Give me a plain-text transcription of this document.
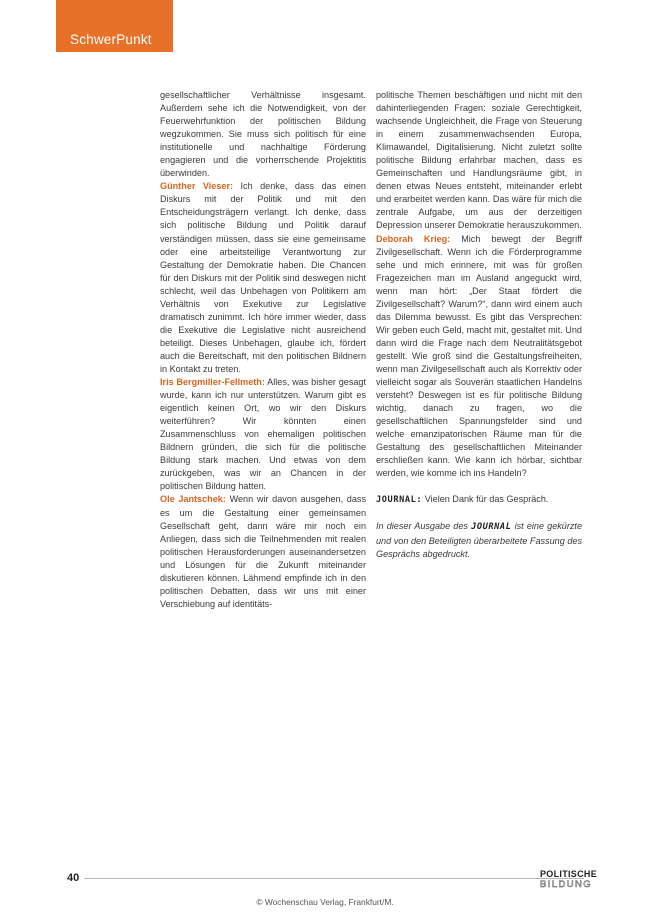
SchwerPunkt

gesellschaftlicher Verhältnisse insgesamt. Außerdem sehe ich die Notwendigkeit, von der Feuerwehrfunktion der politischen Bildung wegzukommen. Sie muss sich politisch für eine institutionelle und nachhaltige Förderung engagieren und die vorherrschende Projektitis überwinden.

Günther Vieser: Ich denke, dass das einen Diskurs mit der Politik und mit den Entscheidungsträgern verlangt. Ich denke, dass sich politische Bildung und Politik darauf verständigen müssen, dass sie eine gemeinsame oder eine arbeitsteilige Verantwortung zur Gestaltung der Demokratie haben. Die Chancen für den Diskurs mit der Politik sind deswegen nicht schlecht, weil das Unbehagen von Politikern am Verhältnis von Exekutive zur Legislative dramatisch zunimmt. Ich höre immer wieder, dass die Exekutive die Legislative nicht ausreichend beteiligt. Dieses Unbehagen, glaube ich, fördert auch die Bereitschaft, mit den politischen Bildnern in Kontakt zu treten.

Iris Bergmiller-Fellmeth: Alles, was bisher gesagt wurde, kann ich nur unterstützen. Warum gibt es eigentlich keinen Ort, wo wir den Diskurs weiterführen? Wir könnten einen Zusammenschluss von ehemaligen politischen Bildnern gründen, die sich für die politische Bildung stark machen. Und etwas von dem zurückgeben, was wir an Chancen in der politischen Bildung hatten.

Ole Jantschek: Wenn wir davon ausgehen, dass es um die Gestaltung einer gemeinsamen Gesellschaft geht, dann wäre mir noch ein Anliegen, dass sich die Teilnehmenden mit realen politischen Herausforderungen auseinandersetzen und Lösungen für die Zukunft miteinander diskutieren können. Lähmend empfinde ich in den politischen Debatten, dass wir uns mit einer Verschiebung auf identitäts-

politische Themen beschäftigen und nicht mit den dahinterliegenden Fragen: soziale Gerechtigkeit, wachsende Ungleichheit, die Frage von Steuerung in einem zusammenwachsenden Europa, Klimawandel, Digitalisierung. Nicht zuletzt sollte politische Bildung erfahrbar machen, dass es Gemeinschaften und Handlungsräume gibt, in denen etwas Neues entsteht, miteinander erlebt und erarbeitet werden kann. Das wäre für mich die zentrale Aufgabe, um aus der derzeitigen Depression unserer Demokratie herauszukommen.

Deborah Krieg: Mich bewegt der Begriff Zivilgesellschaft. Wenn ich die Förderprogramme sehe und mich erinnere, mit was für großen Fragezeichen man im Ausland angeguckt wird, wenn man hört: „Der Staat fördert die Zivilgesellschaft? Warum?“, dann wird einem auch das Dilemma bewusst. Es gibt das Versprechen: Wir geben euch Geld, macht mit, gestaltet mit. Und dann wird die Frage nach dem Neutralitätsgebot gestellt. Wie groß sind die Gestaltungsfreiheiten, wenn man Zivilgesellschaft auch als Korrektiv oder vielleicht sogar als Souverän staatlichen Handelns versteht? Deswegen ist es für politische Bildung wichtig, danach zu fragen, wo die gesellschaftlichen Spannungsfelder sind und welche emanzipatorischen Räume man für die Gestaltung des gesellschaftlichen Miteinander erschließen kann. Wie kann ich hörbar, sichtbar werden, wie komme ich ins Handeln?

JOURNAL: Vielen Dank für das Gespräch.

In dieser Ausgabe des JOURNAL ist eine gekürzte und von den Beteiligten überarbeitete Fassung des Gesprächs abgedruckt.

40	POLITISCHE
BILDUNG
© Wochenschau Verlag, Frankfurt/M.
